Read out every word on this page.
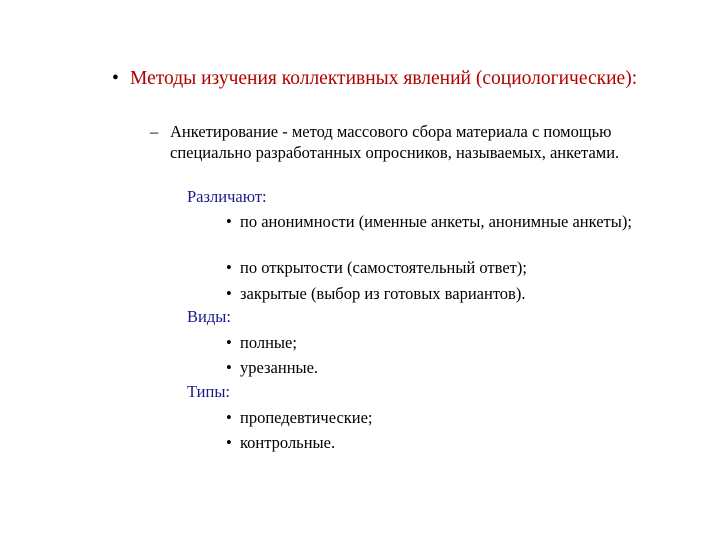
• Методы изучения коллективных явлений (социологические):
– Анкетирование - метод массового сбора материала с помощью специально разработанных опросников, называемых, анкетами.
Различают:
• по анонимности (именные анкеты, анонимные анкеты);
• по открытости (самостоятельный ответ);
• закрытые (выбор из готовых вариантов).
Виды:
• полные;
• урезанные.
Типы:
• пропедевтические;
• контрольные.
